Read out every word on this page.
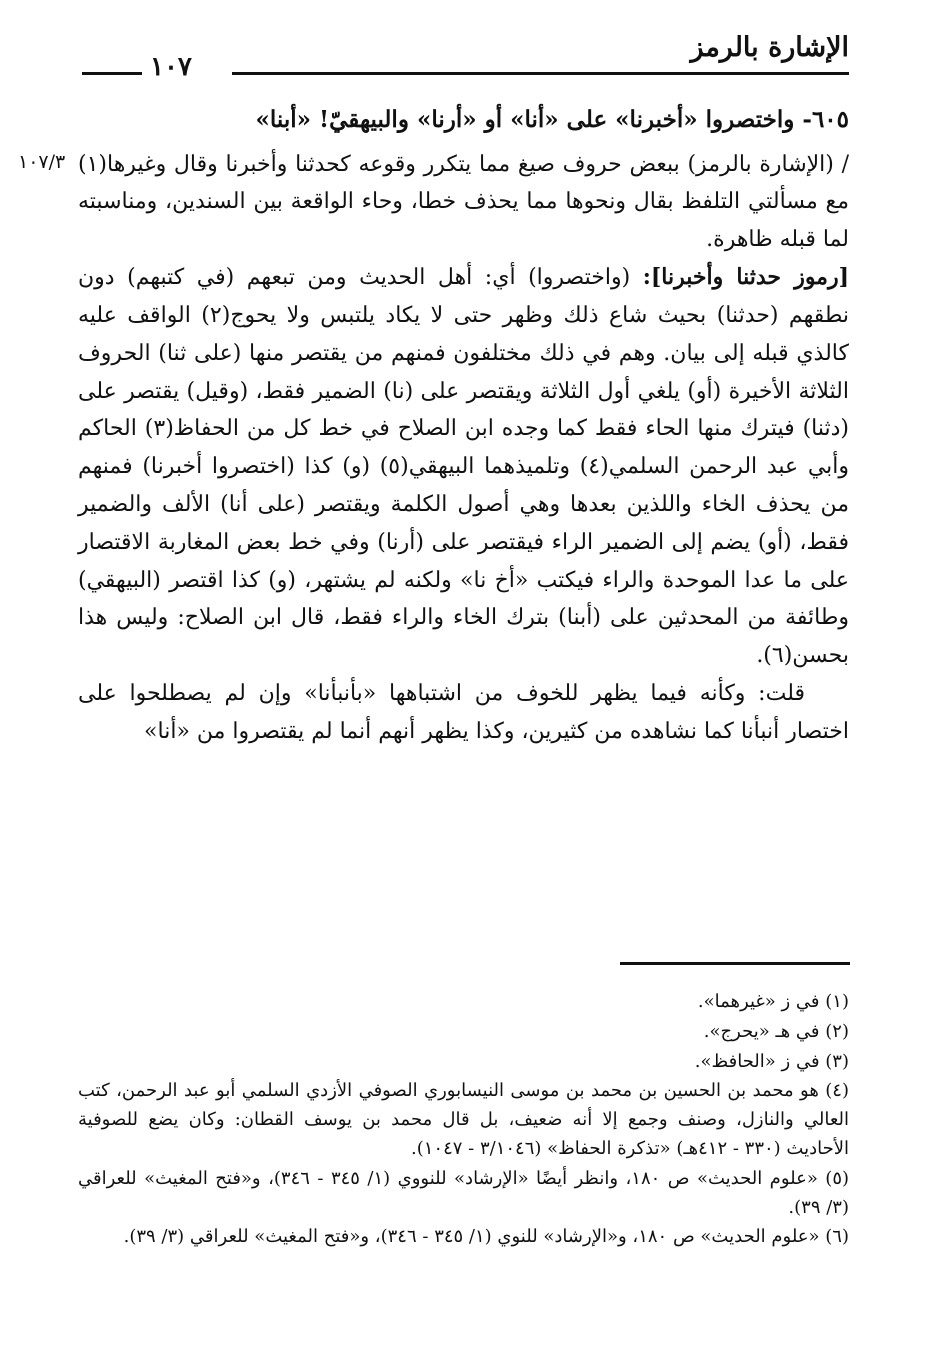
الإشارة بالرمز
١٠٧

٦٠٥- واختصروا «أخبرنا» على «أنا» أو «أرنا» والبيهقيّ! «أبنا»

١٠٧/٣ / (الإشارة بالرمز) ببعض حروف صيغ مما يتكرر وقوعه كحدثنا وأخبرنا وقال وغيرها(١) مع مسألتي التلفظ بقال ونحوها مما يحذف خطا، وحاء الواقعة بين السندين، ومناسبته لما قبله ظاهرة.

[رموز حدثنا وأخبرنا]: (واختصروا) أي: أهل الحديث ومن تبعهم (في كتبهم) دون نطقهم (حدثنا) بحيث شاع ذلك وظهر حتى لا يكاد يلتبس ولا يحوج(٢) الواقف عليه كالذي قبله إلى بيان. وهم في ذلك مختلفون فمنهم من يقتصر منها (على ثنا) الحروف الثلاثة الأخيرة (أو) يلغي أول الثلاثة ويقتصر على (نا) الضمير فقط، (وقيل) يقتصر على (دثنا) فيترك منها الحاء فقط كما وجده ابن الصلاح في خط كل من الحفاظ(٣) الحاكم وأبي عبد الرحمن السلمي(٤) وتلميذهما البيهقي(٥) (و) كذا (اختصروا أخبرنا) فمنهم من يحذف الخاء واللذين بعدها وهي أصول الكلمة ويقتصر (على أنا) الألف والضمير فقط، (أو) يضم إلى الضمير الراء فيقتصر على (أرنا) وفي خط بعض المغاربة الاقتصار على ما عدا الموحدة والراء فيكتب «أخ نا» ولكنه لم يشتهر، (و) كذا اقتصر (البيهقي) وطائفة من المحدثين على (أبنا) بترك الخاء والراء فقط، قال ابن الصلاح: وليس هذا بحسن(٦).

قلت: وكأنه فيما يظهر للخوف من اشتباهها «بأنبأنا» وإن لم يصطلحوا على اختصار أنبأنا كما نشاهده من كثيرين، وكذا يظهر أنهم أنما لم يقتصروا من «أنا»

(١) في ز «غيرهما».

(٢) في هـ «يحرج».

(٣) في ز «الحافظ».

(٤) هو محمد بن الحسين بن محمد بن موسى النيسابوري الصوفي الأزدي السلمي أبو عبد الرحمن، كتب العالي والنازل، وصنف وجمع إلا أنه ضعيف، بل قال محمد بن يوسف القطان: وكان يضع للصوفية الأحاديث (٣٣٠ - ٤١٢هـ) «تذكرة الحفاظ» (٣/١٠٤٦ - ١٠٤٧).

(٥) «علوم الحديث» ص ١٨٠، وانظر أيضًا «الإرشاد» للنووي (١/ ٣٤٥ - ٣٤٦)، و«فتح المغيث» للعراقي (٣/ ٣٩).

(٦) «علوم الحديث» ص ١٨٠، و«الإرشاد» للنوي (١/ ٣٤٥ - ٣٤٦)، و«فتح المغيث» للعراقي (٣/ ٣٩).
